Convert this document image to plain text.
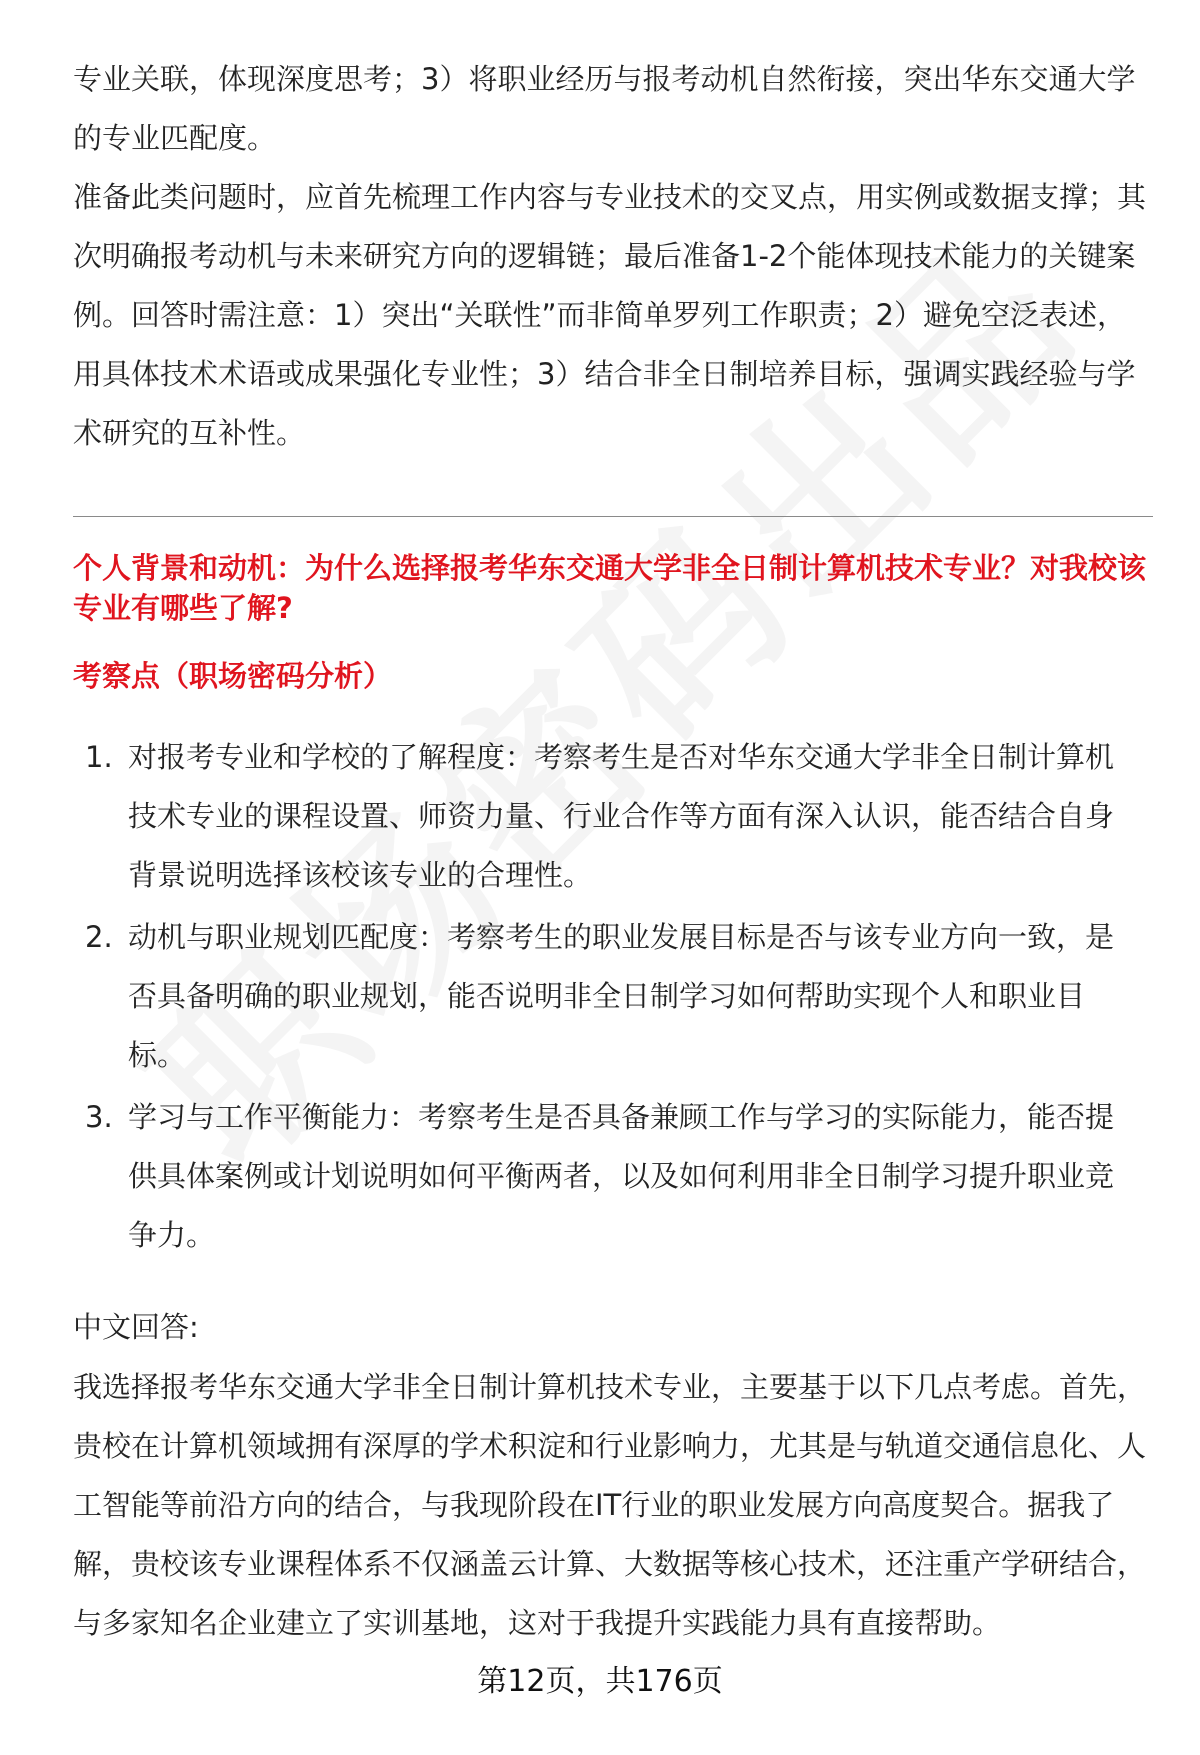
专业关联，体现深度思考；3）将职业经历与报考动机自然衔接，突出华东交通大学的专业匹配度。

准备此类问题时，应首先梳理工作内容与专业技术的交叉点，用实例或数据支撑；其次明确报考动机与未来研究方向的逻辑链；最后准备1-2个能体现技术能力的关键案例。回答时需注意：1）突出“关联性”而非简单罗列工作职责；2）避免空泛表述，用具体技术术语或成果强化专业性；3）结合非全日制培养目标，强调实践经验与学术研究的互补性。

个人背景和动机：为什么选择报考华东交通大学非全日制计算机技术专业？对我校该专业有哪些了解?

考察点（职场密码分析）

1. 对报考专业和学校的了解程度：考察考生是否对华东交通大学非全日制计算机技术专业的课程设置、师资力量、行业合作等方面有深入认识，能否结合自身背景说明选择该校该专业的合理性。
2. 动机与职业规划匹配度：考察考生的职业发展目标是否与该专业方向一致，是否具备明确的职业规划，能否说明非全日制学习如何帮助实现个人和职业目标。
3. 学习与工作平衡能力：考察考生是否具备兼顾工作与学习的实际能力，能否提供具体案例或计划说明如何平衡两者，以及如何利用非全日制学习提升职业竞争力。

中文回答:

我选择报考华东交通大学非全日制计算机技术专业，主要基于以下几点考虑。首先，贵校在计算机领域拥有深厚的学术积淀和行业影响力，尤其是与轨道交通信息化、人工智能等前沿方向的结合，与我现阶段在IT行业的职业发展方向高度契合。据我了解，贵校该专业课程体系不仅涵盖云计算、大数据等核心技术，还注重产学研结合，与多家知名企业建立了实训基地，这对于我提升实践能力具有直接帮助。

第12页，共176页
